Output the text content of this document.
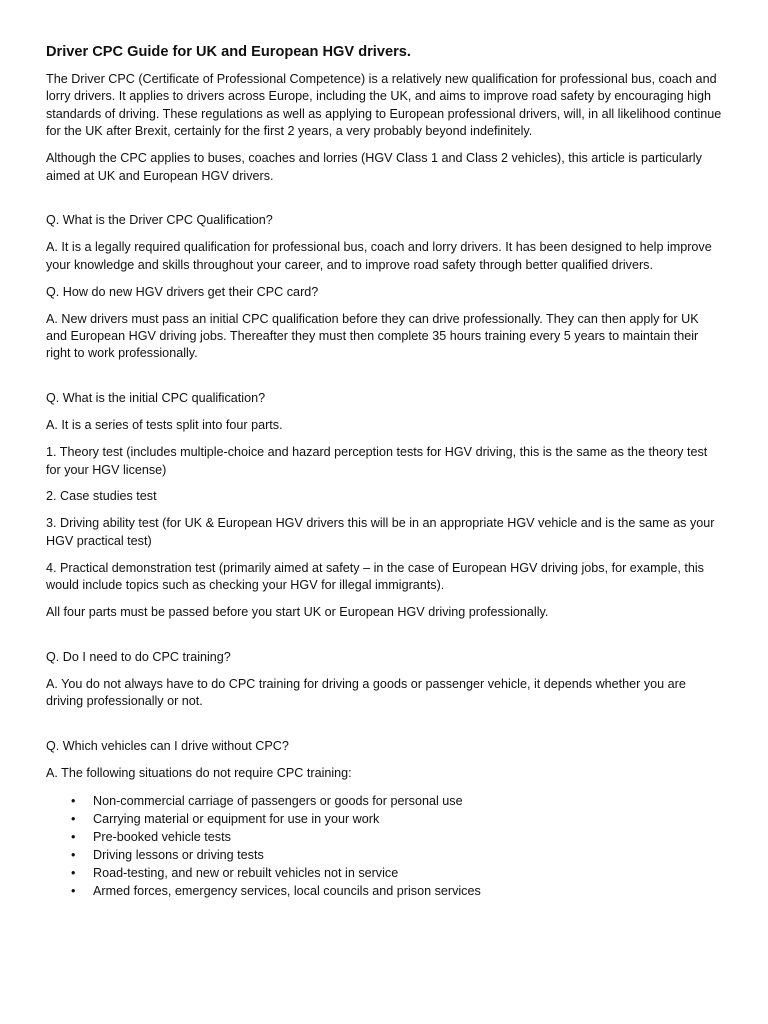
Driver CPC Guide for UK and European HGV drivers.

The Driver CPC (Certificate of Professional Competence) is a relatively new qualification for professional bus, coach and lorry drivers. It applies to drivers across Europe, including the UK, and aims to improve road safety by encouraging high standards of driving. These regulations as well as applying to European professional drivers, will, in all likelihood continue for the UK after Brexit, certainly for the first 2 years, a very probably beyond indefinitely.

Although the CPC applies to buses, coaches and lorries (HGV Class 1 and Class 2 vehicles), this article is particularly aimed at UK and European HGV drivers.

Q. What is the Driver CPC Qualification?

A. It is a legally required qualification for professional bus, coach and lorry drivers. It has been designed to help improve your knowledge and skills throughout your career, and to improve road safety through better qualified drivers.

Q. How do new HGV drivers get their CPC card?

A. New drivers must pass an initial CPC qualification before they can drive professionally. They can then apply for UK and European HGV driving jobs. Thereafter they must then complete 35 hours training every 5 years to maintain their right to work professionally.

Q. What is the initial CPC qualification?

A. It is a series of tests split into four parts.

1. Theory test (includes multiple-choice and hazard perception tests for HGV driving, this is the same as the theory test for your HGV license)

2. Case studies test

3. Driving ability test (for UK & European HGV drivers this will be in an appropriate HGV vehicle and is the same as your HGV practical test)

4. Practical demonstration test (primarily aimed at safety – in the case of European HGV driving jobs, for example, this would include topics such as checking your HGV for illegal immigrants).

All four parts must be passed before you start UK or European HGV driving professionally.

Q. Do I need to do CPC training?

A. You do not always have to do CPC training for driving a goods or passenger vehicle, it depends whether you are driving professionally or not.

Q. Which vehicles can I drive without CPC?

A. The following situations do not require CPC training:

• Non-commercial carriage of passengers or goods for personal use
• Carrying material or equipment for use in your work
• Pre-booked vehicle tests
• Driving lessons or driving tests
• Road-testing, and new or rebuilt vehicles not in service
• Armed forces, emergency services, local councils and prison services
